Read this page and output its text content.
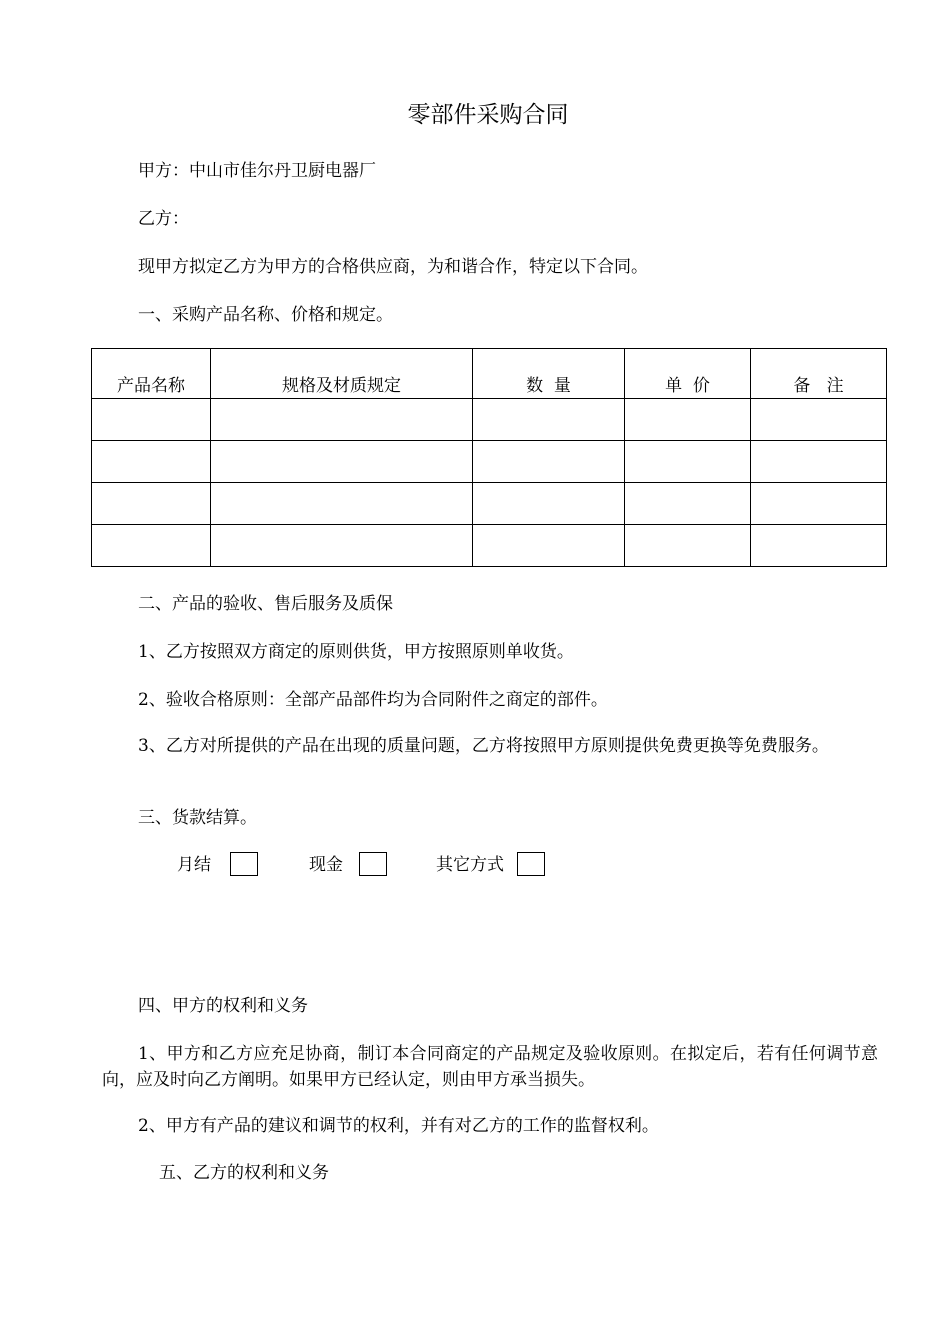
零部件采购合同
甲方：中山市佳尔丹卫厨电器厂
乙方：
现甲方拟定乙方为甲方的合格供应商，为和谐合作，特定以下合同。
一、采购产品名称、价格和规定。
产品名称	规格及材质规定	数  量	单  价	备   注

二、产品的验收、售后服务及质保
1、乙方按照双方商定的原则供货，甲方按照原则单收货。
2、验收合格原则：全部产品部件均为合同附件之商定的部件。
3、乙方对所提供的产品在出现的质量问题，乙方将按照甲方原则提供免费更换等免费服务。
三、货款结算。
月结	现金	其它方式
四、甲方的权利和义务
1、甲方和乙方应充足协商，制订本合同商定的产品规定及验收原则。在拟定后，若有任何调节意向，应及时向乙方阐明。如果甲方已经认定，则由甲方承当损失。
2、甲方有产品的建议和调节的权利，并有对乙方的工作的监督权利。
五、乙方的权利和义务
